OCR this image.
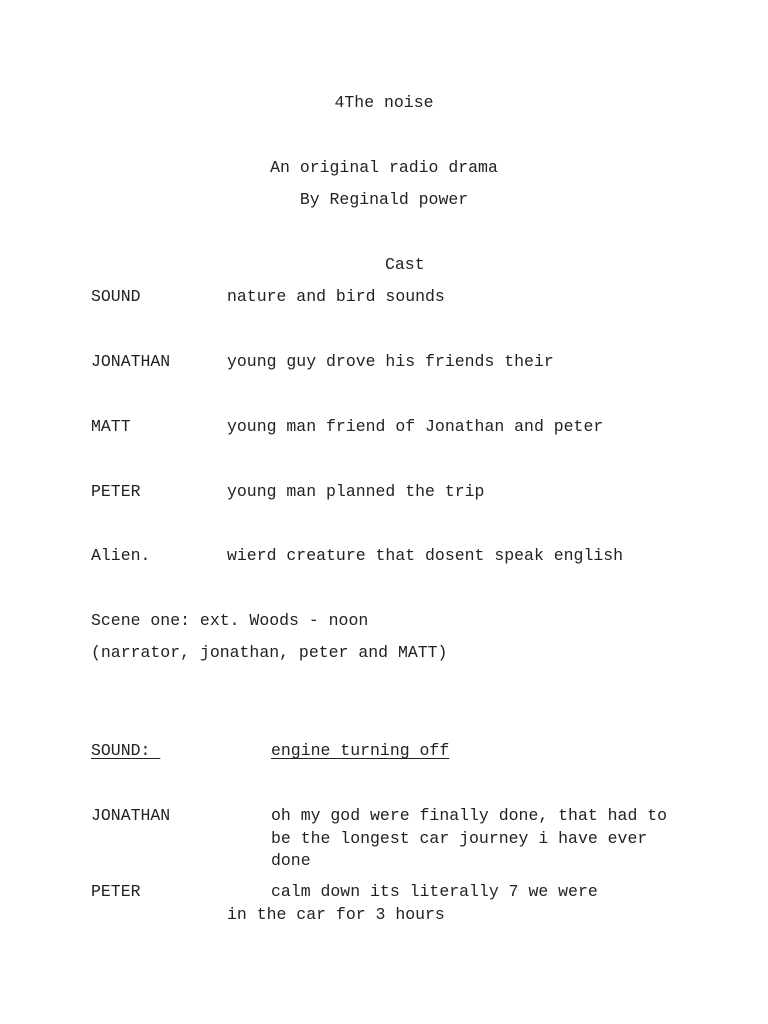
4The noise
An original radio drama
By Reginald power
Cast
SOUND	nature and bird sounds
JONATHAN	young guy drove his friends their
MATT	young man friend of Jonathan and peter
PETER	young man planned the trip
Alien.	wierd creature that dosent speak english
Scene one: ext. Woods - noon
(narrator, jonathan, peter and MATT)
SOUND:	engine turning off
JONATHAN	oh my god were finally done, that had to be the longest car journey i have ever done
PETER	calm down its literally 7 we were
in the car for 3 hours
